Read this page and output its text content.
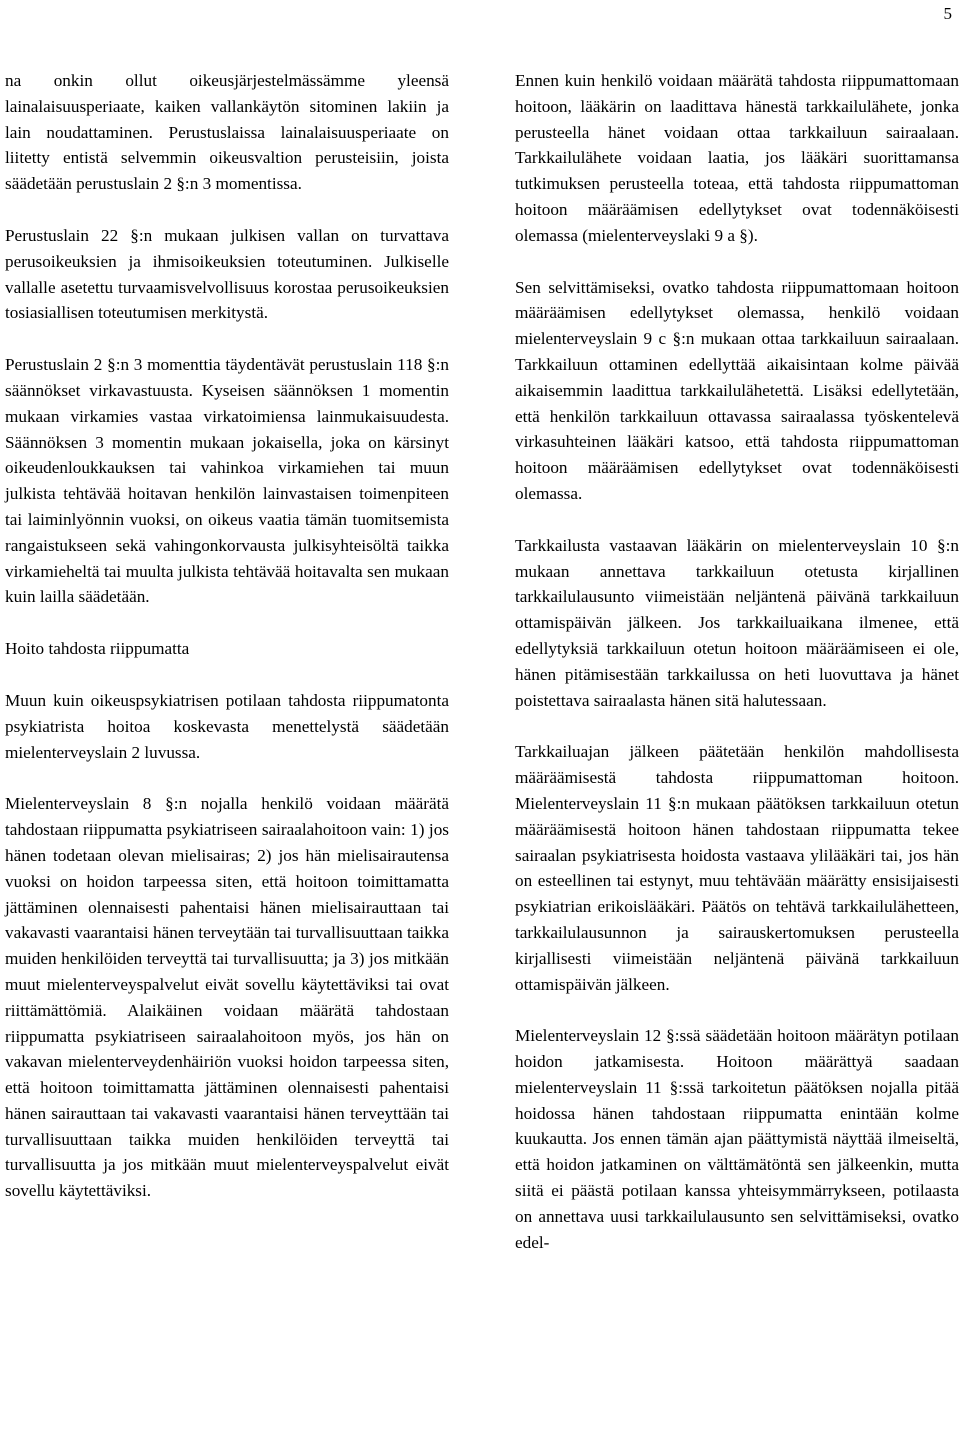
5

na onkin ollut oikeusjärjestelmässämme yleensä lainalaisuusperiaate, kaiken vallankäytön sitominen lakiin ja lain noudattaminen. Perustuslaissa lainalaisuusperiaate on liitetty entistä selvemmin oikeusvaltion perusteisiin, joista säädetään perustuslain 2 §:n 3 momentissa.

Perustuslain 22 §:n mukaan julkisen vallan on turvattava perusoikeuksien ja ihmisoikeuksien toteutuminen. Julkiselle vallalle asetettu turvaamisvelvollisuus korostaa perusoikeuksien tosiasiallisen toteutumisen merkitystä.

Perustuslain 2 §:n 3 momenttia täydentävät perustuslain 118 §:n säännökset virkavastuusta. Kyseisen säännöksen 1 momentin mukaan virkamies vastaa virkatoimiensa lainmukaisuudesta. Säännöksen 3 momentin mukaan jokaisella, joka on kärsinyt oikeudenloukkauksen tai vahinkoa virkamiehen tai muun julkista tehtävää hoitavan henkilön lainvastaisen toimenpiteen tai laiminlyönnin vuoksi, on oikeus vaatia tämän tuomitsemista rangaistukseen sekä vahingonkorvausta julkisyhteisöltä taikka virkamieheltä tai muulta julkista tehtävää hoitavalta sen mukaan kuin lailla säädetään.

Hoito tahdosta riippumatta

Muun kuin oikeuspsykiatrisen potilaan tahdosta riippumatonta psykiatrista hoitoa koskevasta menettelystä säädetään mielenterveyslain 2 luvussa.

Mielenterveyslain 8 §:n nojalla henkilö voidaan määrätä tahdostaan riippumatta psykiatriseen sairaalahoitoon vain: 1) jos hänen todetaan olevan mielisairas; 2) jos hän mielisairautensa vuoksi on hoidon tarpeessa siten, että hoitoon toimittamatta jättäminen olennaisesti pahentaisi hänen mielisairauttaan tai vakavasti vaarantaisi hänen terveytään tai turvallisuuttaan taikka muiden henkilöiden terveyttä tai turvallisuutta; ja 3) jos mitkään muut mielenterveyspalvelut eivät sovellu käytettäviksi tai ovat riittämättömiä. Alaikäinen voidaan määrätä tahdostaan riippumatta psykiatriseen sairaalahoitoon myös, jos hän on vakavan mielenterveydenhäiriön vuoksi hoidon tarpeessa siten, että hoitoon toimittamatta jättäminen olennaisesti pahentaisi hänen sairauttaan tai vakavasti vaarantaisi hänen terveyttään tai turvallisuuttaan taikka muiden henkilöiden terveyttä tai turvallisuutta ja jos mitkään muut mielenterveyspalvelut eivät sovellu käytettäviksi.

Ennen kuin henkilö voidaan määrätä tahdosta riippumattomaan hoitoon, lääkärin on laadittava hänestä tarkkailulähete, jonka perusteella hänet voidaan ottaa tarkkailuun sairaalaan. Tarkkailulähete voidaan laatia, jos lääkäri suorittamansa tutkimuksen perusteella toteaa, että tahdosta riippumattoman hoitoon määräämisen edellytykset ovat todennäköisesti olemassa (mielenterveyslaki 9 a §).

Sen selvittämiseksi, ovatko tahdosta riippumattomaan hoitoon määräämisen edellytykset olemassa, henkilö voidaan mielenterveyslain 9 c §:n mukaan ottaa tarkkailuun sairaalaan. Tarkkailuun ottaminen edellyttää aikaisintaan kolme päivää aikaisemmin laadittua tarkkailulähetettä. Lisäksi edellytetään, että henkilön tarkkailuun ottavassa sairaalassa työskentelevä virkasuhteinen lääkäri katsoo, että tahdosta riippumattoman hoitoon määräämisen edellytykset ovat todennäköisesti olemassa.

Tarkkailusta vastaavan lääkärin on mielenterveyslain 10 §:n mukaan annettava tarkkailuun otetusta kirjallinen tarkkailulausunto viimeistään neljäntenä päivänä tarkkailuun ottamispäivän jälkeen. Jos tarkkailuaikana ilmenee, että edellytyksiä tarkkailuun otetun hoitoon määräämiseen ei ole, hänen pitämisestään tarkkailussa on heti luovuttava ja hänet poistettava sairaalasta hänen sitä halutessaan.

Tarkkailuajan jälkeen päätetään henkilön mahdollisesta määräämisestä tahdosta riippumattoman hoitoon. Mielenterveyslain 11 §:n mukaan päätöksen tarkkailuun otetun määräämisestä hoitoon hänen tahdostaan riippumatta tekee sairaalan psykiatrisesta hoidosta vastaava ylilääkäri tai, jos hän on esteellinen tai estynyt, muu tehtävään määrätty ensisijaisesti psykiatrian erikoislääkäri. Päätös on tehtävä tarkkailulähetteen, tarkkailulausunnon ja sairauskertomuksen perusteella kirjallisesti viimeistään neljäntenä päivänä tarkkailuun ottamispäivän jälkeen.

Mielenterveyslain 12 §:ssä säädetään hoitoon määrätyn potilaan hoidon jatkamisesta. Hoitoon määrättyä saadaan mielenterveyslain 11 §:ssä tarkoitetun päätöksen nojalla pitää hoidossa hänen tahdostaan riippumatta enintään kolme kuukautta. Jos ennen tämän ajan päättymistä näyttää ilmeiseltä, että hoidon jatkaminen on välttämätöntä sen jälkeenkin, mutta siitä ei päästä potilaan kanssa yhteisymmärrykseen, potilaasta on annettava uusi tarkkailulausunto sen selvittämiseksi, ovatko edel-
